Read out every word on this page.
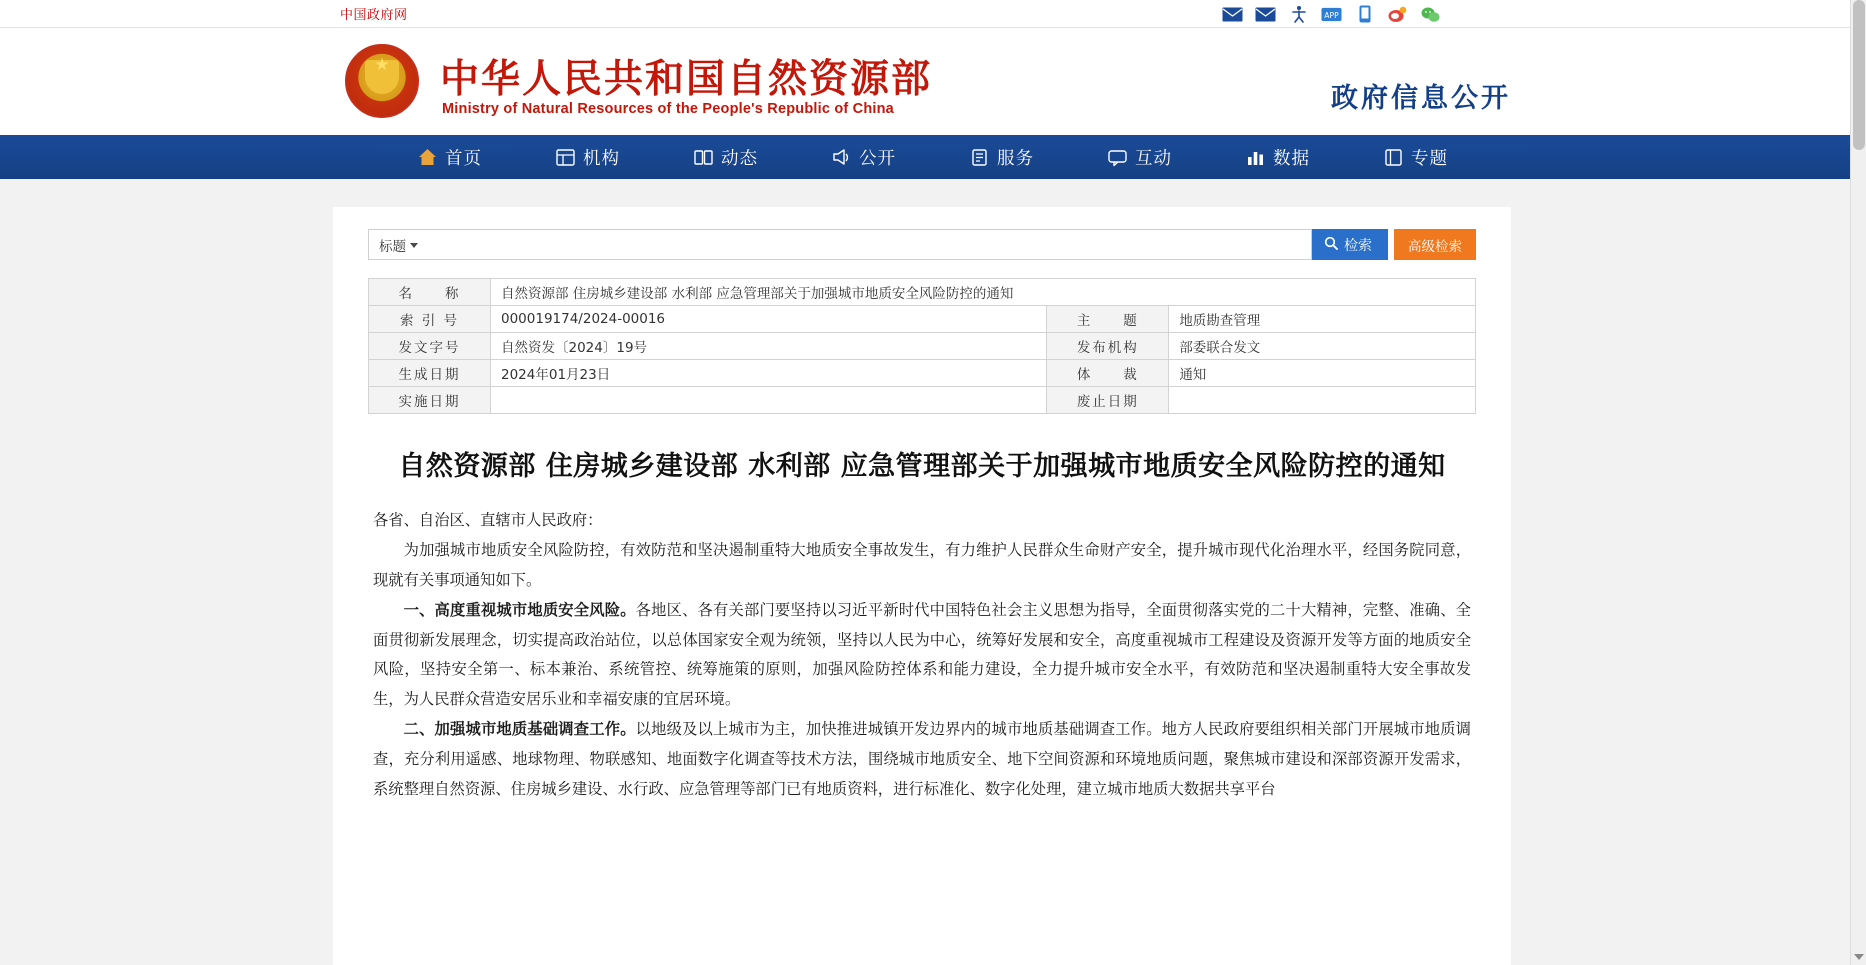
中国政府网	APP
★
中华人民共和国自然资源部
Ministry of Natural Resources of the People's Republic of China	政府信息公开
首页	机构	动态	公开	服务	互动	数据	专题
标题	检索	高级检索
名　　称	自然资源部 住房城乡建设部 水利部 应急管理部关于加强城市地质安全风险防控的通知		
索 引 号	000019174/2024-00016	主　　题	地质勘查管理
发文字号	自然资发〔2024〕19号	发布机构	部委联合发文
生成日期	2024年01月23日	体　　裁	通知
实施日期		废止日期	
自然资源部 住房城乡建设部 水利部 应急管理部关于加强城市地质安全风险防控的通知

各省、自治区、直辖市人民政府：

为加强城市地质安全风险防控，有效防范和坚决遏制重特大地质安全事故发生，有力维护人民群众生命财产安全，提升城市现代化治理水平，经国务院同意，现就有关事项通知如下。

一、高度重视城市地质安全风险。各地区、各有关部门要坚持以习近平新时代中国特色社会主义思想为指导，全面贯彻落实党的二十大精神，完整、准确、全面贯彻新发展理念，切实提高政治站位，以总体国家安全观为统领，坚持以人民为中心，统筹好发展和安全，高度重视城市工程建设及资源开发等方面的地质安全风险，坚持安全第一、标本兼治、系统管控、统筹施策的原则，加强风险防控体系和能力建设，全力提升城市安全水平，有效防范和坚决遏制重特大安全事故发生，为人民群众营造安居乐业和幸福安康的宜居环境。

二、加强城市地质基础调查工作。以地级及以上城市为主，加快推进城镇开发边界内的城市地质基础调查工作。地方人民政府要组织相关部门开展城市地质调查，充分利用遥感、地球物理、物联感知、地面数字化调查等技术方法，围绕城市地质安全、地下空间资源和环境地质问题，聚焦城市建设和深部资源开发需求，系统整理自然资源、住房城乡建设、水行政、应急管理等部门已有地质资料，进行标准化、数字化处理，建立城市地质大数据共享平台
